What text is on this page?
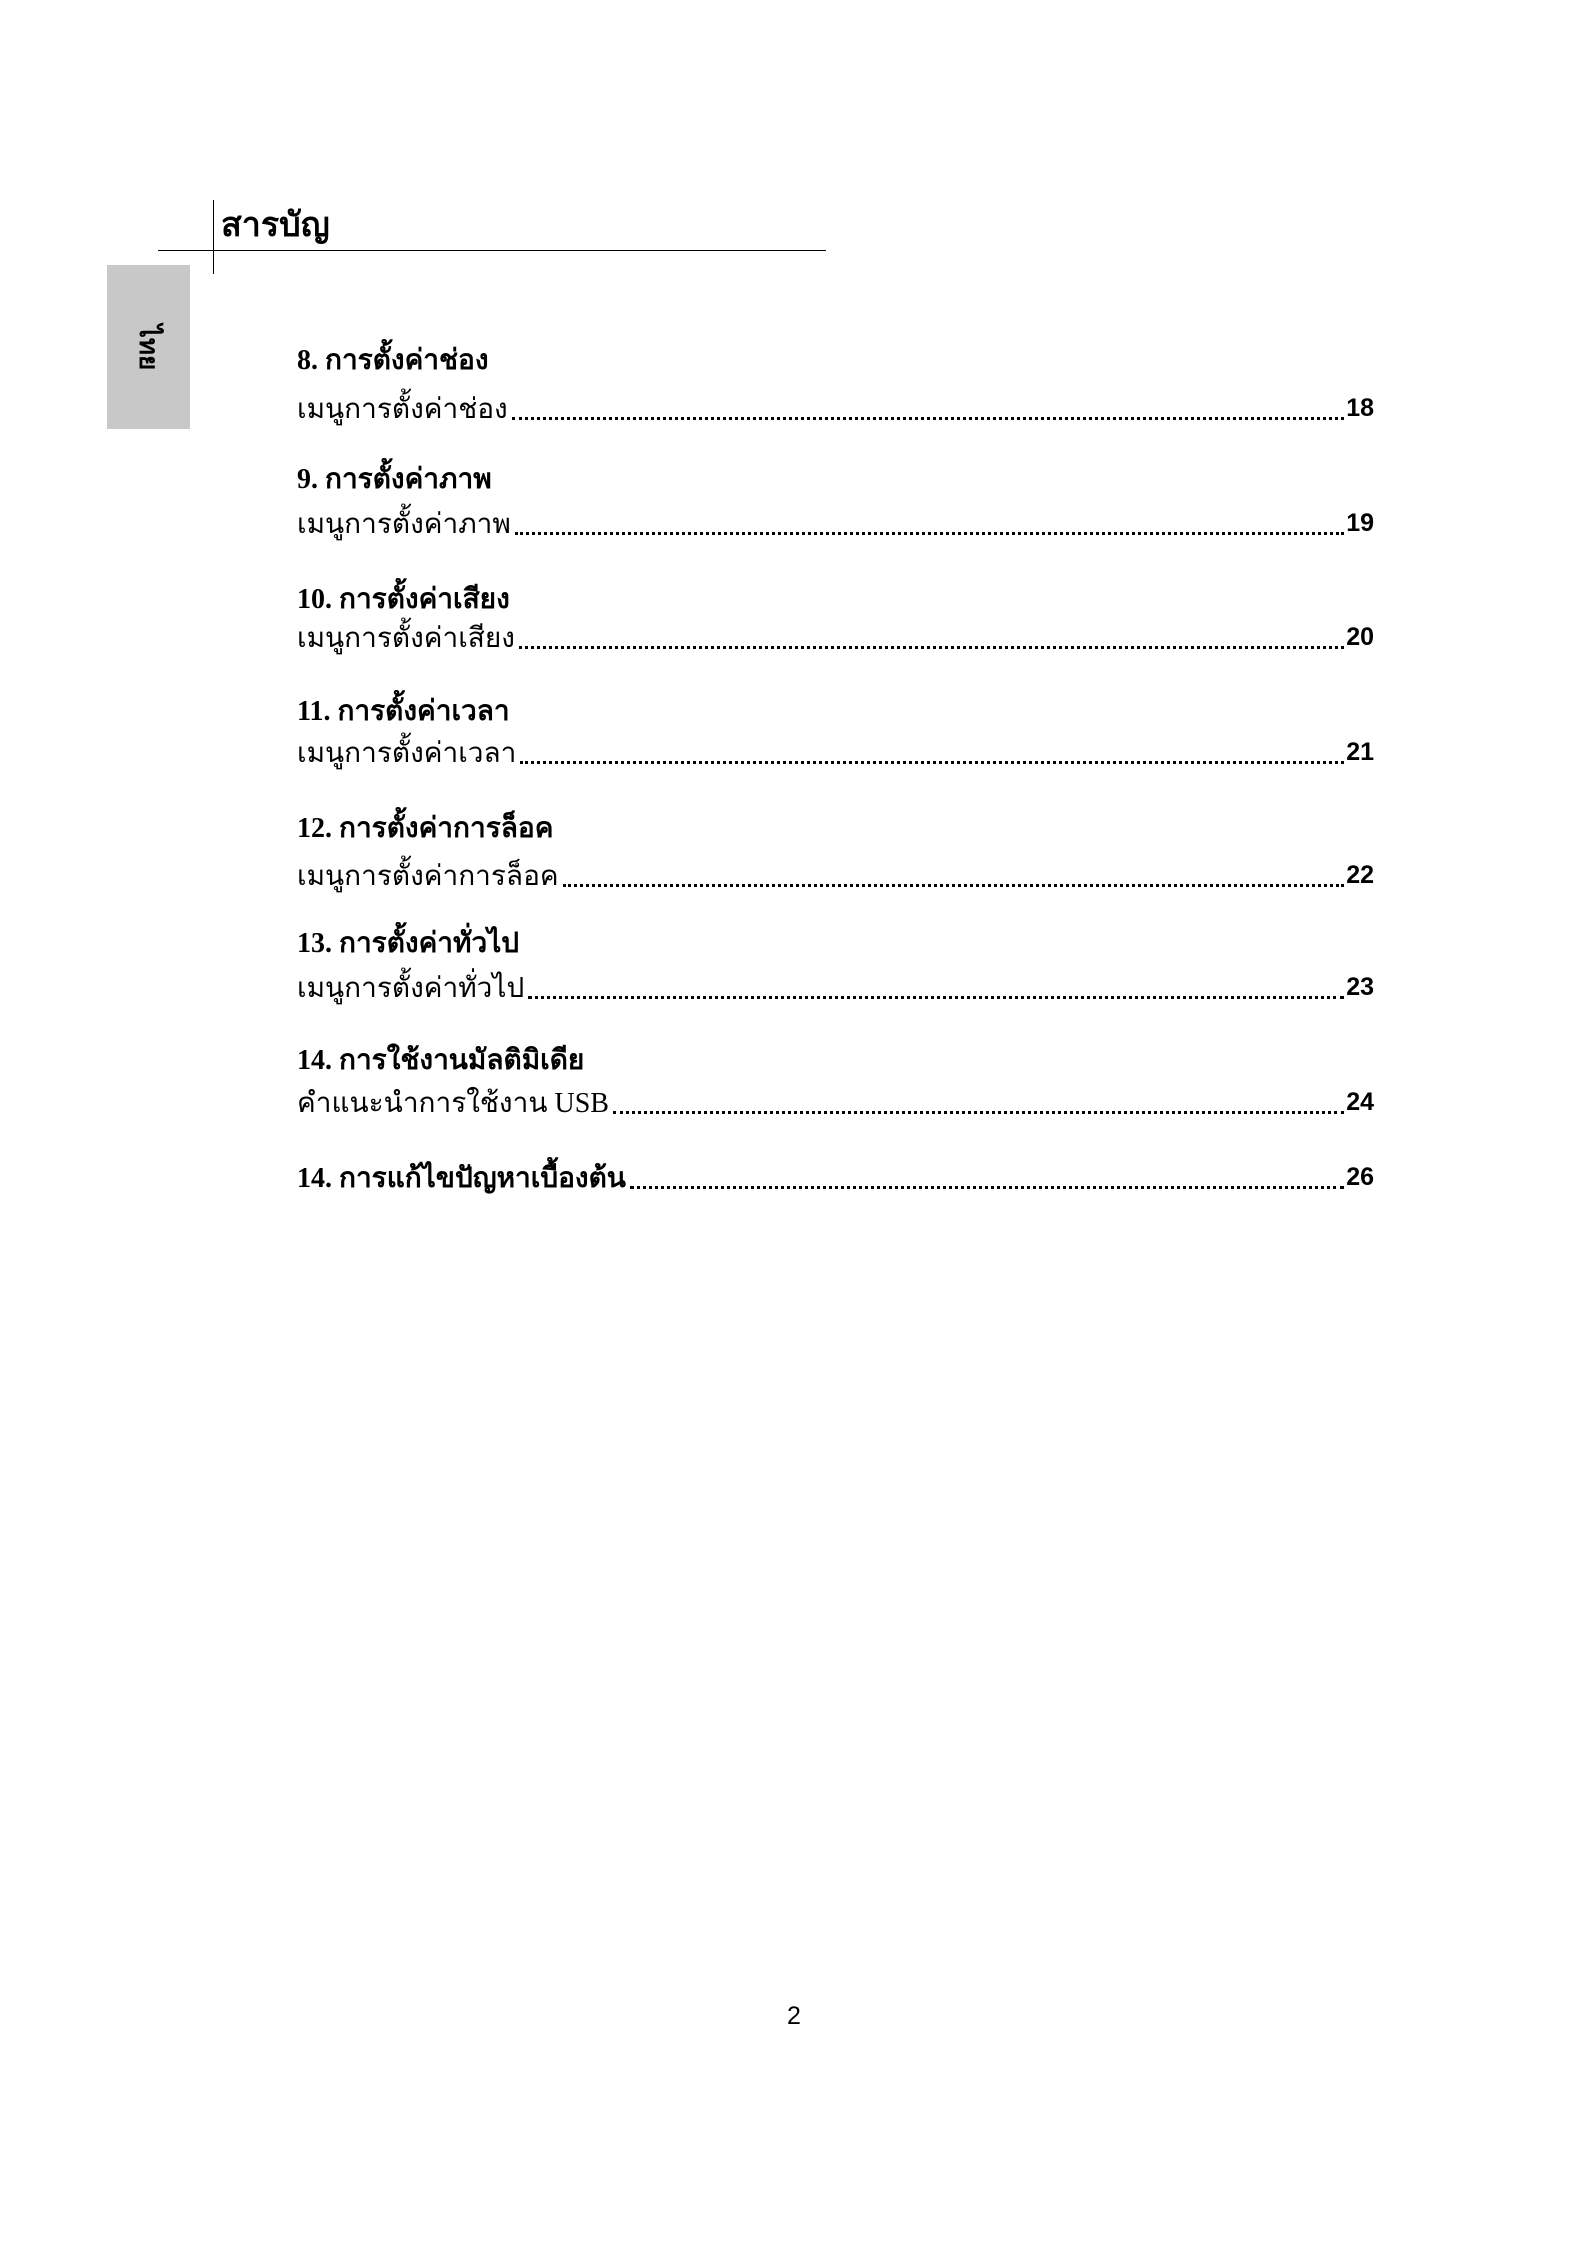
สารบัญ
ไทย	8. การตั้งค่าช่อง
เมนูการตั้งค่าช่อง	18
9. การตั้งค่าภาพ
เมนูการตั้งค่าภาพ	19
10. การตั้งค่าเสียง
เมนูการตั้งค่าเสียง	20
11. การตั้งค่าเวลา
เมนูการตั้งค่าเวลา	21
12. การตั้งค่าการล็อค
เมนูการตั้งค่าการล็อค	22
13. การตั้งค่าทั่วไป
เมนูการตั้งค่าทั่วไป	23
14. การใช้งานมัลติมิเดีย
คำแนะนำการใช้งาน USB	24
14. การแก้ไขปัญหาเบื้องต้น	26
2
